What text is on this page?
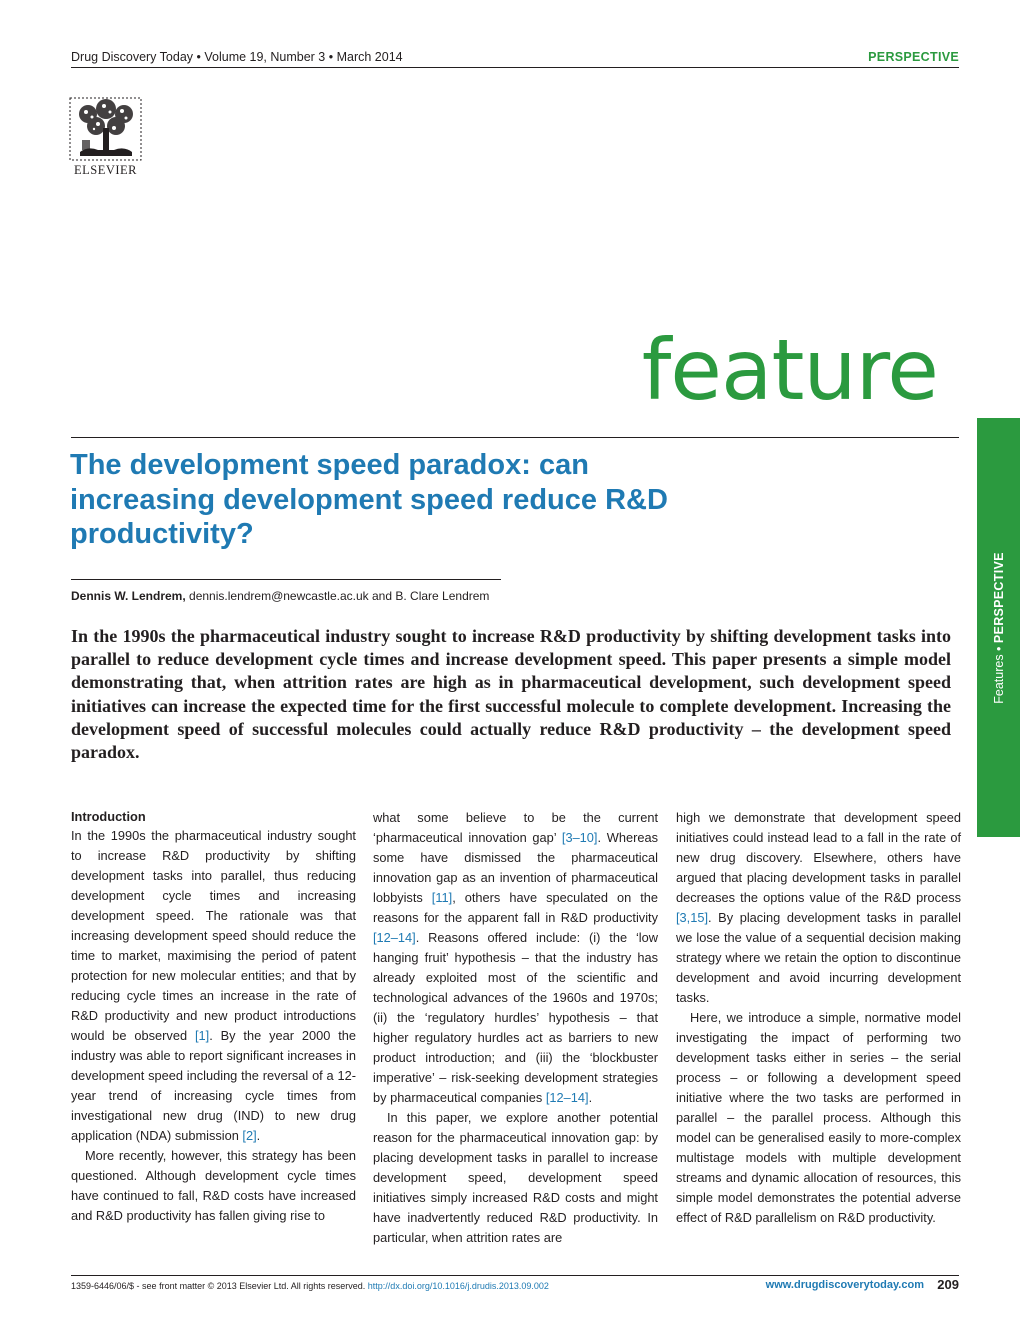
Drug Discovery Today • Volume 19, Number 3 • March 2014	PERSPECTIVE
ELSEVIER
feature
Features • PERSPECTIVE
The development speed paradox: can increasing development speed reduce R&D productivity?
Dennis W. Lendrem, dennis.lendrem@newcastle.ac.uk and B. Clare Lendrem
In the 1990s the pharmaceutical industry sought to increase R&D productivity by shifting development tasks into parallel to reduce development cycle times and increase development speed. This paper presents a simple model demonstrating that, when attrition rates are high as in pharmaceutical development, such development speed initiatives can increase the expected time for the first successful molecule to complete development. Increasing the development speed of successful molecules could actually reduce R&D productivity – the development speed paradox.
Introduction

In the 1990s the pharmaceutical industry sought to increase R&D productivity by shifting development tasks into parallel, thus reducing development cycle times and increasing development speed. The rationale was that increasing development speed should reduce the time to market, maximising the period of patent protection for new molecular entities; and that by reducing cycle times an increase in the rate of R&D productivity and new product introductions would be observed [1]. By the year 2000 the industry was able to report significant increases in development speed including the reversal of a 12-year trend of increasing cycle times from investigational new drug (IND) to new drug application (NDA) submission [2].

More recently, however, this strategy has been questioned. Although development cycle times have continued to fall, R&D costs have increased and R&D productivity has fallen giving rise to

what some believe to be the current ‘pharmaceutical innovation gap’ [3–10]. Whereas some have dismissed the pharmaceutical innovation gap as an invention of pharmaceutical lobbyists [11], others have speculated on the reasons for the apparent fall in R&D productivity [12–14]. Reasons offered include: (i) the ‘low hanging fruit’ hypothesis – that the industry has already exploited most of the scientific and technological advances of the 1960s and 1970s; (ii) the ‘regulatory hurdles’ hypothesis – that higher regulatory hurdles act as barriers to new product introduction; and (iii) the ‘blockbuster imperative’ – risk-seeking development strategies by pharmaceutical companies [12–14].

In this paper, we explore another potential reason for the pharmaceutical innovation gap: by placing development tasks in parallel to increase development speed, development speed initiatives simply increased R&D costs and might have inadvertently reduced R&D productivity. In particular, when attrition rates are

high we demonstrate that development speed initiatives could instead lead to a fall in the rate of new drug discovery. Elsewhere, others have argued that placing development tasks in parallel decreases the options value of the R&D process [3,15]. By placing development tasks in parallel we lose the value of a sequential decision making strategy where we retain the option to discontinue development and avoid incurring development tasks.

Here, we introduce a simple, normative model investigating the impact of performing two development tasks either in series – the serial process – or following a development speed initiative where the two tasks are performed in parallel – the parallel process. Although this model can be generalised easily to more-complex multistage models with multiple development streams and dynamic allocation of resources, this simple model demonstrates the potential adverse effect of R&D parallelism on R&D productivity.

1359-6446/06/$ - see front matter © 2013 Elsevier Ltd. All rights reserved. http://dx.doi.org/10.1016/j.drudis.2013.09.002	www.drugdiscoverytoday.com 209
